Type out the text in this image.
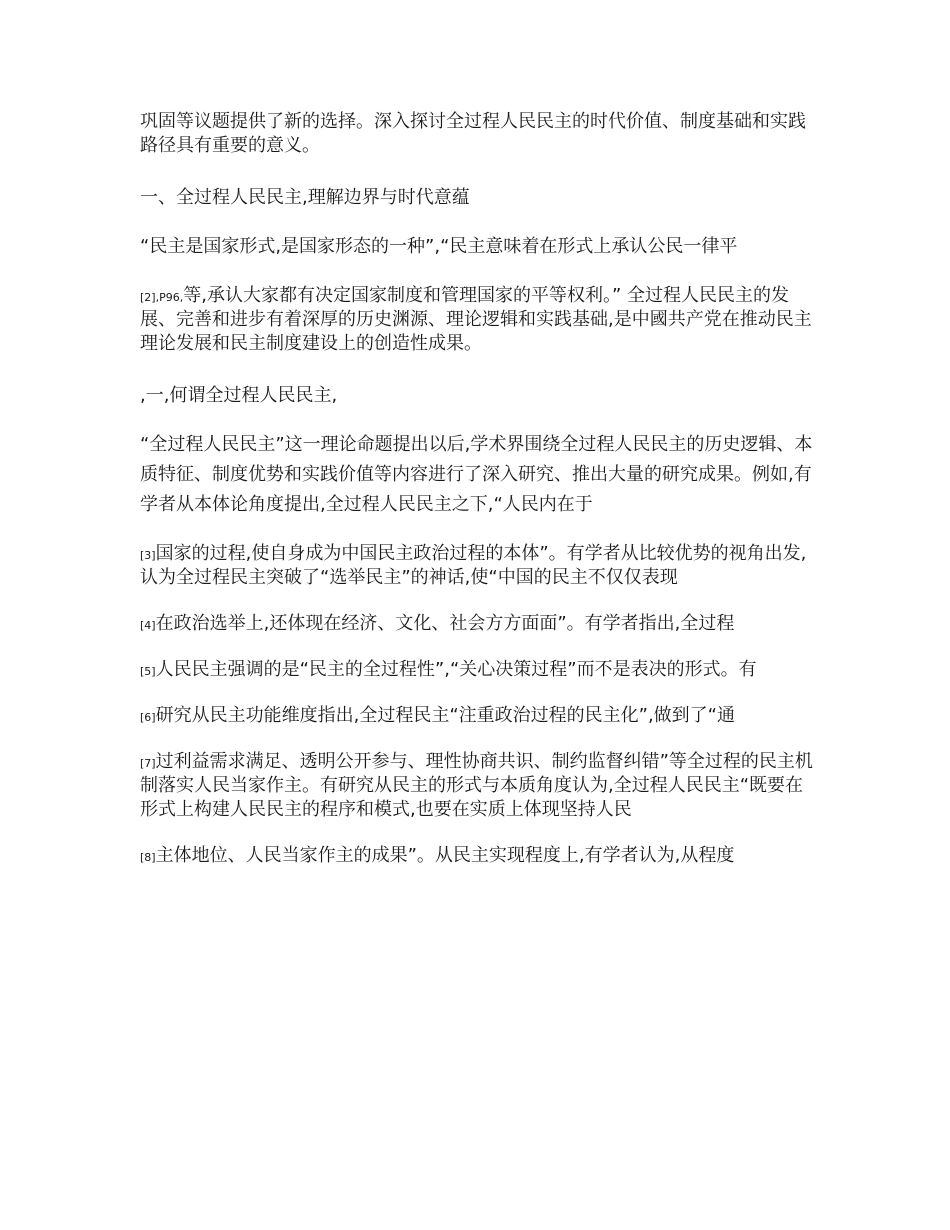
巩固等议题提供了新的选择。深入探讨全过程人民民主的时代价值、制度基础和实践路径具有重要的意义。

一、全过程人民民主,理解边界与时代意蕴

“民主是国家形式,是国家形态的一种”,“民主意味着在形式上承认公民一律平

[2],P96,等,承认大家都有决定国家制度和管理国家的平等权利。” 全过程人民民主的发展、完善和进步有着深厚的历史渊源、理论逻辑和实践基础,是中國共产党在推动民主理论发展和民主制度建设上的创造性成果。

,一,何谓全过程人民民主,

“全过程人民民主”这一理论命题提出以后,学术界围绕全过程人民民主的历史逻辑、本质特征、制度优势和实践价值等内容进行了深入研究、推出大量的研究成果。例如,有学者从本体论角度提出,全过程人民民主之下,“人民内在于

[3]国家的过程,使自身成为中国民主政治过程的本体”。有学者从比较优势的视角出发,认为全过程民主突破了“选举民主”的神话,使“中国的民主不仅仅表现

[4]在政治选举上,还体现在经济、文化、社会方方面面”。有学者指出,全过程

[5]人民民主强调的是“民主的全过程性”,“关心决策过程”而不是表决的形式。有

[6]研究从民主功能维度指出,全过程民主“注重政治过程的民主化”,做到了“通

[7]过利益需求满足、透明公开参与、理性协商共识、制约监督纠错”等全过程的民主机制落实人民当家作主。有研究从民主的形式与本质角度认为,全过程人民民主“既要在形式上构建人民民主的程序和模式,也要在实质上体现坚持人民

[8]主体地位、人民当家作主的成果”。从民主实现程度上,有学者认为,从程度
